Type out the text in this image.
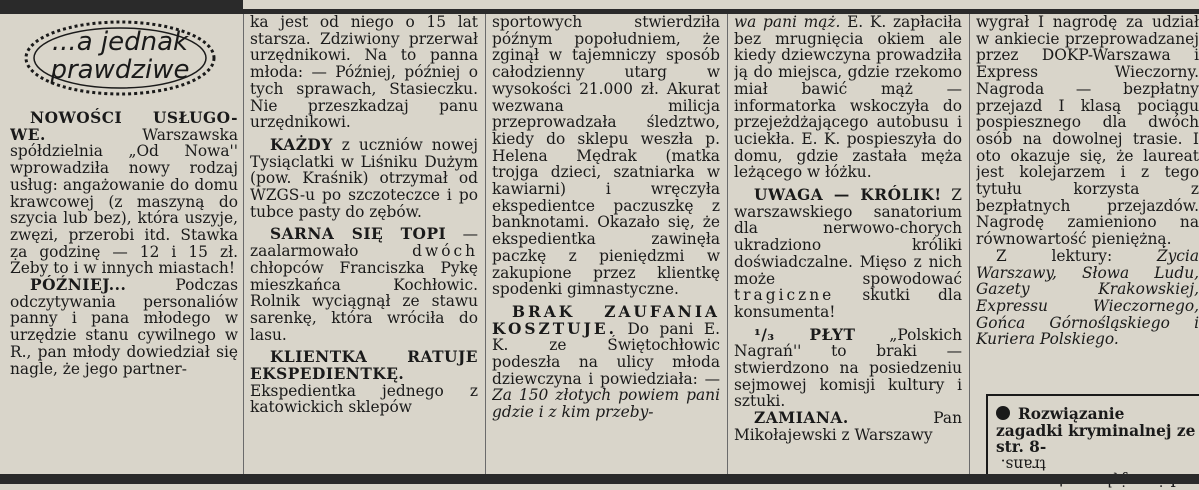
...a jednak
prawdziwe

NOWOŚCI USŁUGO-WE. Warszawska spółdzielnia „Od Nowa'' wprowadziła nowy rodzaj usług: angażowanie do domu krawcowej (z maszyną do szycia lub bez), która uszyje, zwęzi, przerobi itd. Stawka za godzinę — 12 i 15 zł. Żeby to i w innych miastach!

PÓŹNIEJ... Podczas odczytywania personaliów panny i pana młodego w urzędzie stanu cywilnego w R., pan młody dowiedział się nagle, że jego partner-

ka jest od niego o 15 lat starsza. Zdziwiony przerwał urzędnikowi. Na to panna młoda: — Później, później o tych sprawach, Stasieczku. Nie przeszkadzaj panu urzędnikowi.

KAŻDY z uczniów nowej Tysiąclatki w Liśniku Dużym (pow. Kraśnik) otrzymał od WZGS-u po szczoteczce i po tubce pasty do zębów.

SARNA SIĘ TOPI — zaalarmowało dwóch chłopców Franciszka Pykę mieszkańca Kochłowic. Rolnik wyciągnął ze stawu sarenkę, która wróciła do lasu.

KLIENTKA RATUJE EKSPEDIENTKĘ. Ekspedientka jednego z katowickich sklepów

sportowych stwierdziła późnym popołudniem, że zginął w tajemniczy sposób całodzienny utarg w wysokości 21.000 zł. Akurat wezwana milicja przeprowadzała śledztwo, kiedy do sklepu weszła p. Helena Mędrak (matka trojga dzieci, szatniarka w kawiarni) i wręczyła ekspedientce paczuszkę z banknotami. Okazało się, że ekspedientka zawinęła paczkę z pieniędzmi w zakupione przez klientkę spodenki gimnastyczne.

BRAK ZAUFANIA KOSZTUJE. Do pani E. K. ze Świętochłowic podeszła na ulicy młoda dziewczyna i powiedziała: — Za 150 złotych powiem pani gdzie i z kim przeby-

wa pani mąż. E. K. zapłaciła bez mrugnięcia okiem ale kiedy dziewczyna prowadziła ją do miejsca, gdzie rzekomo miał bawić mąż — informatorka wskoczyła do przejeżdżającego autobusu i uciekła. E. K. pospieszyła do domu, gdzie zastała męża leżącego w łóżku.

UWAGA — KRÓLIK! Z warszawskiego sanatorium dla nerwowo-chorych ukradziono króliki doświadczalne. Mięso z nich może spowodować tragiczne skutki dla konsumenta!

¹/₃ PŁYT „Polskich Nagrań'' to braki — stwierdzono na posiedzeniu sejmowej komisji kultury i sztuki.

ZAMIANA. Pan Mikołajewski z Warszawy

wygrał I nagrodę za udział w ankiecie przeprowadzanej przez DOKP-Warszawa i Express Wieczorny. Nagroda — bezpłatny przejazd I klasą pociągu pospiesznego dla dwóch osób na dowolnej trasie. I oto okazuje się, że laureat jest kolejarzem i z tego tytułu korzysta z bezpłatnych przejazdów. Nagrodę zamieniono na równowartość pieniężną.

Z lektury: Życia Warszawy, Słowa Ludu, Gazety Krakowskiej, Expressu Wieczornego, Gońca Górnośląskiego i Kuriera Polskiego.

Rozwiązanie zagadki kryminalnej ze str. 8-
trans.
